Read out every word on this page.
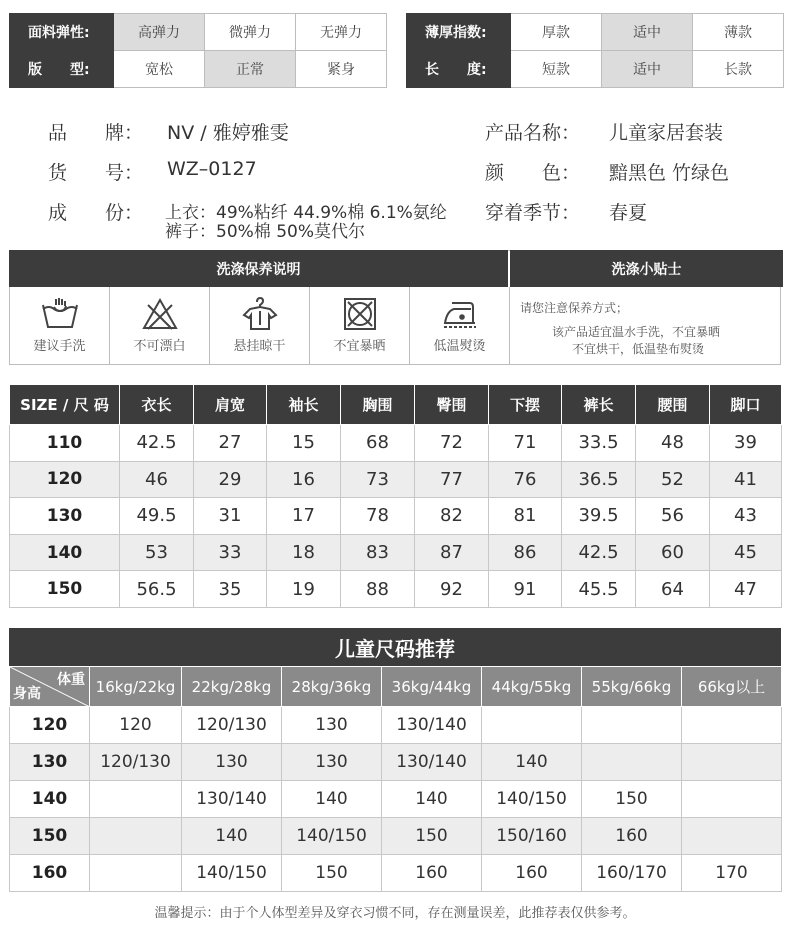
面料弹性:	高弹力	微弹力	无弹力
版　　型:	宽松	正常	紧身
薄厚指数:	厚款	适中	薄款
长　　度:	短款	适中	长款
品　　牌： NV / 雅婷雅雯
货　　号： WZ–0127
成　　份： 上衣：49%粘纤 44.9%棉 6.1%氨纶
裤子：50%棉 50%莫代尔
产品名称： 儿童家居套装
颜　　色： 黯黑色 竹绿色
穿着季节： 春夏
洗涤保养说明	洗涤小贴士
建议手洗	不可漂白	悬挂晾干	不宜暴晒	低温熨烫

请您注意保养方式；

该产品适宜温水手洗，不宜暴晒

不宜烘干，低温垫布熨烫

SIZE / 尺 码	衣长	肩宽	袖长	胸围	臀围	下摆	裤长	腰围	脚口
110	42.5	27	15	68	72	71	33.5	48	39
120	46	29	16	73	77	76	36.5	52	41
130	49.5	31	17	78	82	81	39.5	56	43
140	53	33	18	83	87	86	42.5	60	45
150	56.5	35	19	88	92	91	45.5	64	47
儿童尺码推荐
体重
身高	16kg/22kg	22kg/28kg	28kg/36kg	36kg/44kg	44kg/55kg	55kg/66kg	66kg以上
120	120	120/130	130	130/140			
130	120/130	130	130	130/140	140		
140		130/140	140	140	140/150	150	
150		140	140/150	150	150/160	160	
160		140/150	150	160	160	160/170	170
温馨提示：由于个人体型差异及穿衣习惯不同，存在测量误差，此推荐表仅供参考。
